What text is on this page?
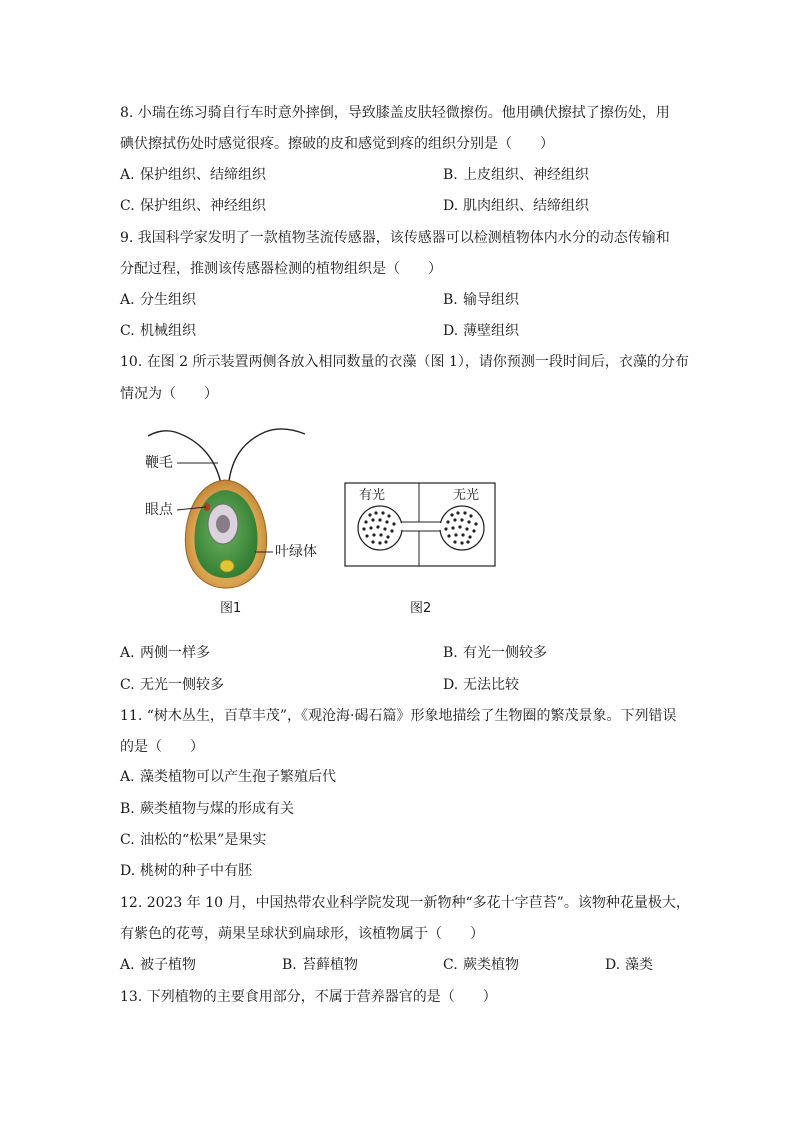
8. 小瑞在练习骑自行车时意外摔倒，导致膝盖皮肤轻微擦伤。他用碘伏擦拭了擦伤处，用
碘伏擦拭伤处时感觉很疼。擦破的皮和感觉到疼的组织分别是（　　）
A. 保护组织、结缔组织	B. 上皮组织、神经组织
C. 保护组织、神经组织	D. 肌肉组织、结缔组织
9. 我国科学家发明了一款植物茎流传感器，该传感器可以检测植物体内水分的动态传输和
分配过程，推测该传感器检测的植物组织是（　　）
A. 分生组织	B. 输导组织
C. 机械组织	D. 薄壁组织
10. 在图 2 所示装置两侧各放入相同数量的衣藻（图 1），请你预测一段时间后，衣藻的分布
情况为（　　）
鞭毛
眼点
叶绿体
图1
有光	无光
图2
A. 两侧一样多	B. 有光一侧较多
C. 无光一侧较多	D. 无法比较
11. “树木丛生，百草丰茂”，《观沧海·碣石篇》形象地描绘了生物圈的繁茂景象。下列错误
的是（　　）
A. 藻类植物可以产生孢子繁殖后代
B. 蕨类植物与煤的形成有关
C. 油松的“松果”是果实
D. 桃树的种子中有胚
12. 2023 年 10 月，中国热带农业科学院发现一新物种“多花十字苣苔”。该物种花量极大，
有紫色的花萼，蒴果呈球状到扁球形，该植物属于（　　）
A. 被子植物	B. 苔藓植物	C. 蕨类植物	D. 藻类
13. 下列植物的主要食用部分，不属于营养器官的是（　　）
